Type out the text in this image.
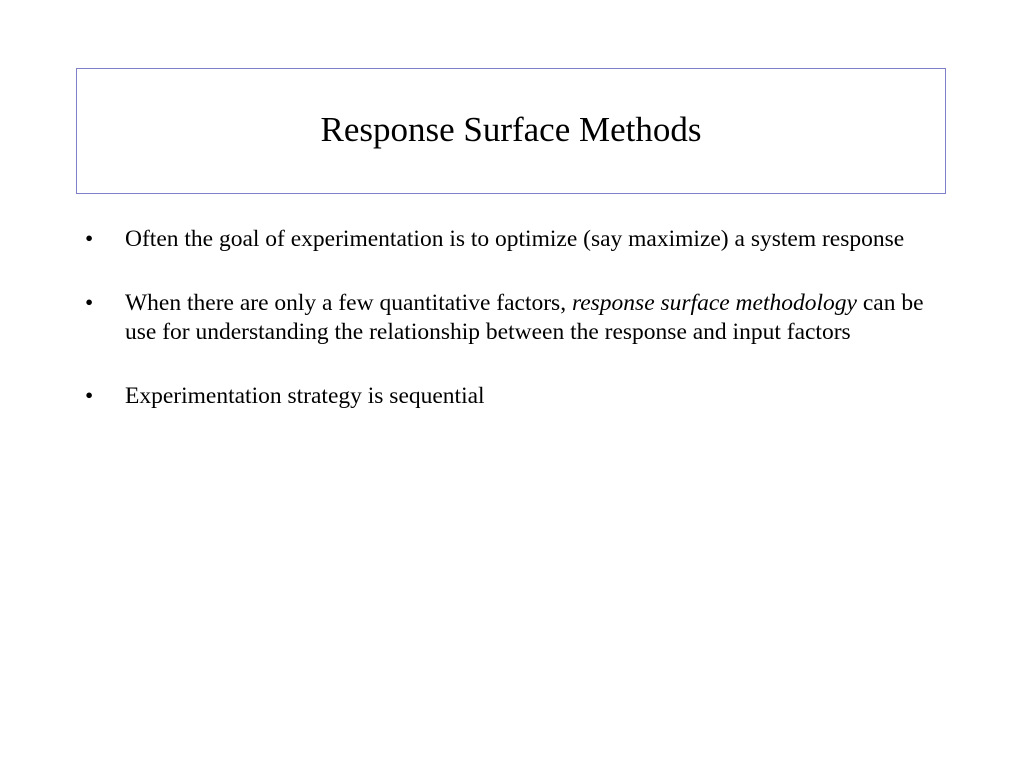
Response Surface Methods
• Often the goal of experimentation is to optimize (say maximize) a system response
• When there are only a few quantitative factors, response surface methodology can be use for understanding the relationship between the response and input factors
• Experimentation strategy is sequential
